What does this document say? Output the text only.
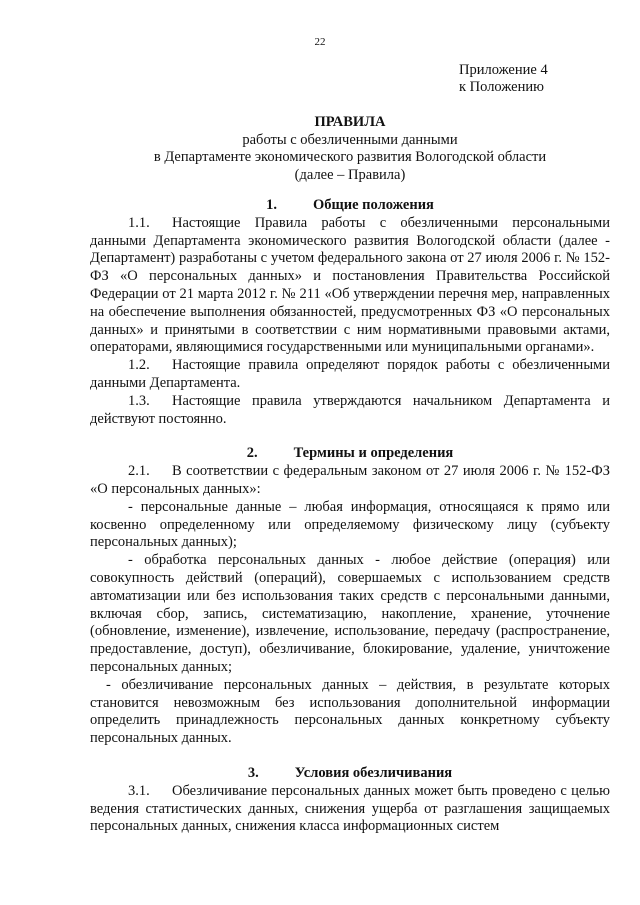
22
Приложение 4
к Положению
ПРАВИЛА
работы с обезличенными данными
в Департаменте экономического развития Вологодской области
(далее – Правила)

1. Общие положения

1.1. Настоящие Правила работы с обезличенными персональными данными Департамента экономического развития Вологодской области (далее - Департамент) разработаны с учетом федерального закона от 27 июля 2006 г. № 152-ФЗ «О персональных данных» и постановления Правительства Российской Федерации от 21 марта 2012 г. № 211 «Об утверждении перечня мер, направленных на обеспечение выполнения обязанностей, предусмотренных ФЗ «О персональных данных» и принятыми в соответствии с ним нормативными правовыми актами, операторами, являющимися государственными или муниципальными органами».

1.2. Настоящие правила определяют порядок работы с обезличенными данными Департамента.

1.3. Настоящие правила утверждаются начальником Департамента и действуют постоянно.

2. Термины и определения

2.1. В соответствии с федеральным законом от 27 июля 2006 г. № 152-ФЗ «О персональных данных»:

- персональные данные – любая информация, относящаяся к прямо или косвенно определенному или определяемому физическому лицу (субъекту персональных данных);

- обработка персональных данных - любое действие (операция) или совокупность действий (операций), совершаемых с использованием средств автоматизации или без использования таких средств с персональными данными, включая сбор, запись, систематизацию, накопление, хранение, уточнение (обновление, изменение), извлечение, использование, передачу (распространение, предоставление, доступ), обезличивание, блокирование, удаление, уничтожение персональных данных;

- обезличивание персональных данных – действия, в результате которых становится невозможным без использования дополнительной информации определить принадлежность персональных данных конкретному субъекту персональных данных.

3. Условия обезличивания

3.1. Обезличивание персональных данных может быть проведено с целью ведения статистических данных, снижения ущерба от разглашения защищаемых персональных данных, снижения класса информационных систем
